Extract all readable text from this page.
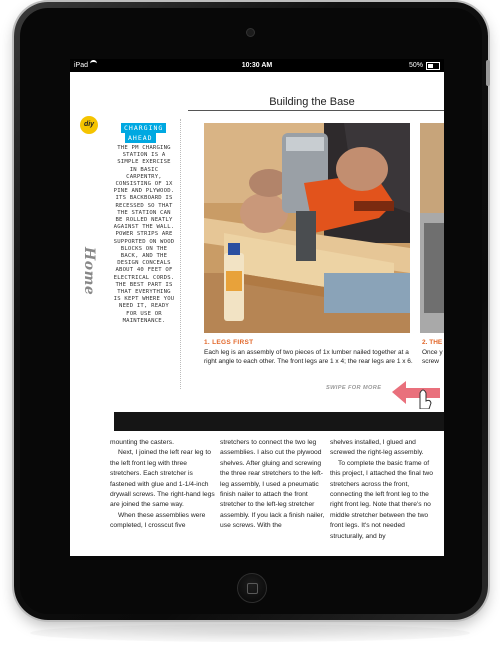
iPad	10:30 AM	50%
Building the Base
diy
Home
CHARGING
AHEAD
THE PM CHARGING STATION IS A SIMPLE EXERCISE IN BASIC CARPENTRY, CONSISTING OF 1X PINE AND PLYWOOD. ITS BACKBOARD IS RECESSED SO THAT THE STATION CAN BE ROLLED NEATLY AGAINST THE WALL. POWER STRIPS ARE SUPPORTED ON WOOD BLOCKS ON THE BACK, AND THE DESIGN CONCEALS ABOUT 40 FEET OF ELECTRICAL CORDS. THE BEST PART IS THAT EVERYTHING IS KEPT WHERE YOU NEED IT, READY FOR USE OR MAINTENANCE.
1. LEGS FIRST
Each leg is an assembly of two pieces of 1x lumber nailed together at a right angle to each other. The front legs are 1 x 4; the rear legs are 1 x 6.
2. THE
Once y
screw
SWIPE FOR MORE

mounting the casters.

Next, I joined the left rear leg to the left front leg with three stretchers. Each stretcher is fastened with glue and 1-1/4-inch drywall screws. The right-hand legs are joined the same way.

When these assemblies were completed, I crosscut five

stretchers to connect the two leg assemblies. I also cut the plywood shelves. After gluing and screwing the three rear stretchers to the left-leg assembly, I used a pneumatic finish nailer to attach the front stretcher to the left-leg stretcher assembly. If you lack a finish nailer, use screws. With the

shelves installed, I glued and screwed the right-leg assembly.

To complete the basic frame of this project, I attached the final two stretchers across the front, connecting the left front leg to the right front leg. Note that there's no middle stretcher between the two front legs. It's not needed structurally, and by
